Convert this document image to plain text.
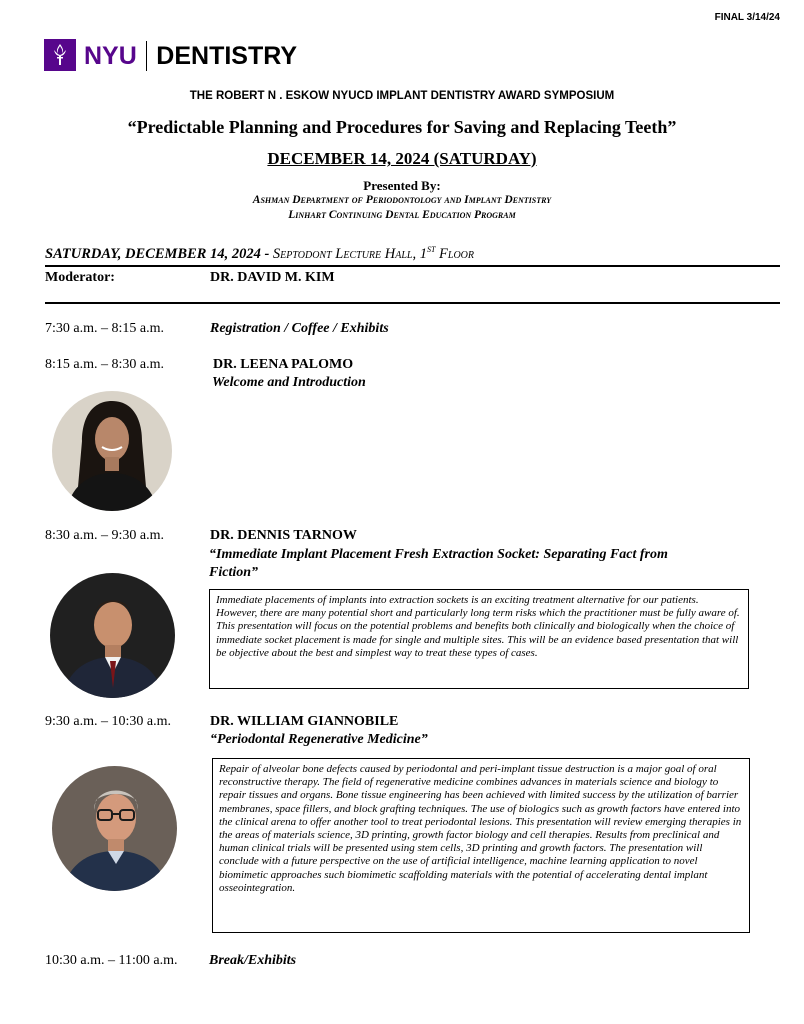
FINAL 3/14/24
NYU DENTISTRY
THE ROBERT N . ESKOW NYUCD IMPLANT DENTISTRY AWARD SYMPOSIUM
“Predictable Planning and Procedures for Saving and Replacing Teeth”
DECEMBER 14, 2024 (SATURDAY)
Presented By:
Ashman Department of Periodontology and Implant Dentistry
Linhart Continuing Dental Education Program
SATURDAY, DECEMBER 14, 2024 - Septodont Lecture Hall, 1ST Floor
Moderator:	DR. DAVID M. KIM
7:30 a.m. – 8:15 a.m.	Registration / Coffee / Exhibits
8:15 a.m. – 8:30 a.m.	DR. LEENA PALOMO
Welcome and Introduction
8:30 a.m. – 9:30 a.m.	DR. DENNIS TARNOW
“Immediate Implant Placement Fresh Extraction Socket: Separating Fact from Fiction”
Immediate placements of implants into extraction sockets is an exciting treatment alternative for our patients. However, there are many potential short and particularly long term risks which the practitioner must be fully aware of. This presentation will focus on the potential problems and benefits both clinically and biologically when the choice of immediate socket placement is made for single and multiple sites. This will be an evidence based presentation that will be objective about the best and simplest way to treat these types of cases.
9:30 a.m. – 10:30 a.m.	DR. WILLIAM GIANNOBILE
“Periodontal Regenerative Medicine”
Repair of alveolar bone defects caused by periodontal and peri-implant tissue destruction is a major goal of oral reconstructive therapy. The field of regenerative medicine combines advances in materials science and biology to repair tissues and organs. Bone tissue engineering has been achieved with limited success by the utilization of barrier membranes, space fillers, and block grafting techniques. The use of biologics such as growth factors have entered into the clinical arena to offer another tool to treat periodontal lesions. This presentation will review emerging therapies in the areas of materials science, 3D printing, growth factor biology and cell therapies. Results from preclinical and human clinical trials will be presented using stem cells, 3D printing and growth factors. The presentation will conclude with a future perspective on the use of artificial intelligence, machine learning application to novel biomimetic approaches such biomimetic scaffolding materials with the potential of accelerating dental implant osseointegration.
10:30 a.m. – 11:00 a.m. Break/Exhibits
